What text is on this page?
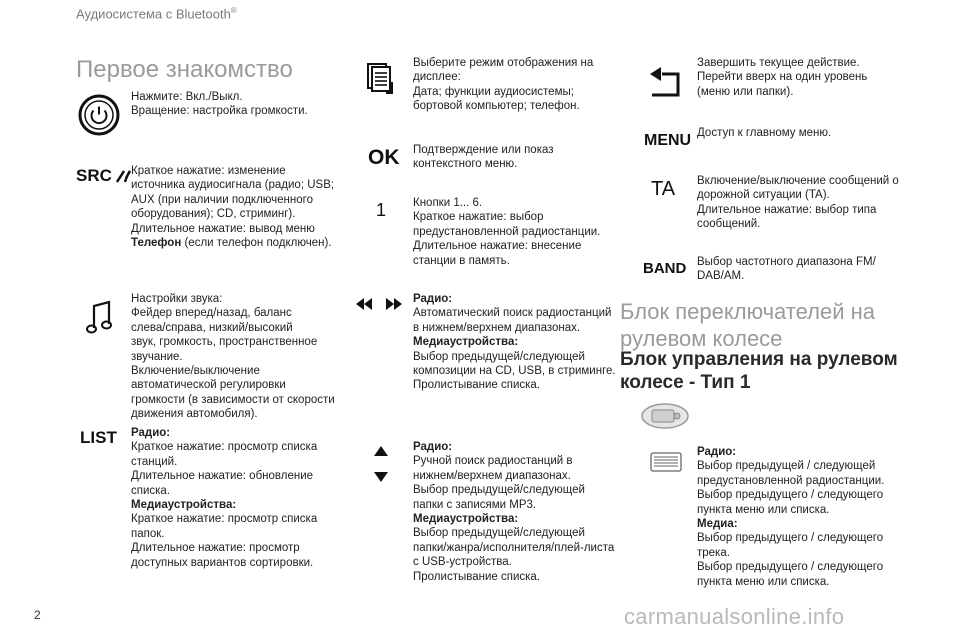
Аудиосистема с Bluetooth®
Первое знакомство

Нажмите: Вкл./Выкл.
Вращение: настройка громкости.

SRC Краткое нажатие: изменение
источника аудиосигнала (радио; USB;
AUX (при наличии подключенного
оборудования); CD, стриминг).
Длительное нажатие: вывод меню
Телефон (если телефон подключен).

Настройки звука:
Фейдер вперед/назад, баланс
слева/справа, низкий/высокий
звук, громкость, пространственное
звучание.
Включение/выключение
автоматической регулировки
громкости (в зависимости от скорости
движения автомобиля).

LIST Радио:

Краткое нажатие: просмотр списка
станций.
Длительное нажатие: обновление
списка.

Медиаустройства:

Краткое нажатие: просмотр списка
папок.
Длительное нажатие: просмотр
доступных вариантов сортировки.

Выберите режим отображения на
дисплее:
Дата; функции аудиосистемы;
бортовой компьютер; телефон.

OK Подтверждение или показ
контекстного меню.

1 Кнопки 1... 6.
Краткое нажатие: выбор
предустановленной радиостанции.
Длительное нажатие: внесение
станции в память.

Радио:

Автоматический поиск радиостанций
в нижнем/верхнем диапазонах.

Медиаустройства:

Выбор предыдущей/следующей
композиции на CD, USB, в стриминге.
Пролистывание списка.

Радио:

Ручной поиск радиостанций в
нижнем/верхнем диапазонах.
Выбор предыдущей/следующей
папки с записями MP3.

Медиаустройства:

Выбор предыдущей/следующей
папки/жанра/исполнителя/плей-листа
с USB-устройства.
Пролистывание списка.

Завершить текущее действие.
Перейти вверх на один уровень
(меню или папки).

MENU Доступ к главному меню.

TA Включение/выключение сообщений о
дорожной ситуации (TA).
Длительное нажатие: выбор типа
сообщений.

BAND Выбор частотного диапазона FM/
DAB/AM.

Блок переключателей на рулевом колесе
Блок управления на рулевом колесе - Тип 1

Радио:

Выбор предыдущей / следующей
предустановленной радиостанции.
Выбор предыдущего / следующего
пункта меню или списка.

Медиа:

Выбор предыдущего / следующего
трека.
Выбор предыдущего / следующего
пункта меню или списка.

2	carmanualsonline.info
